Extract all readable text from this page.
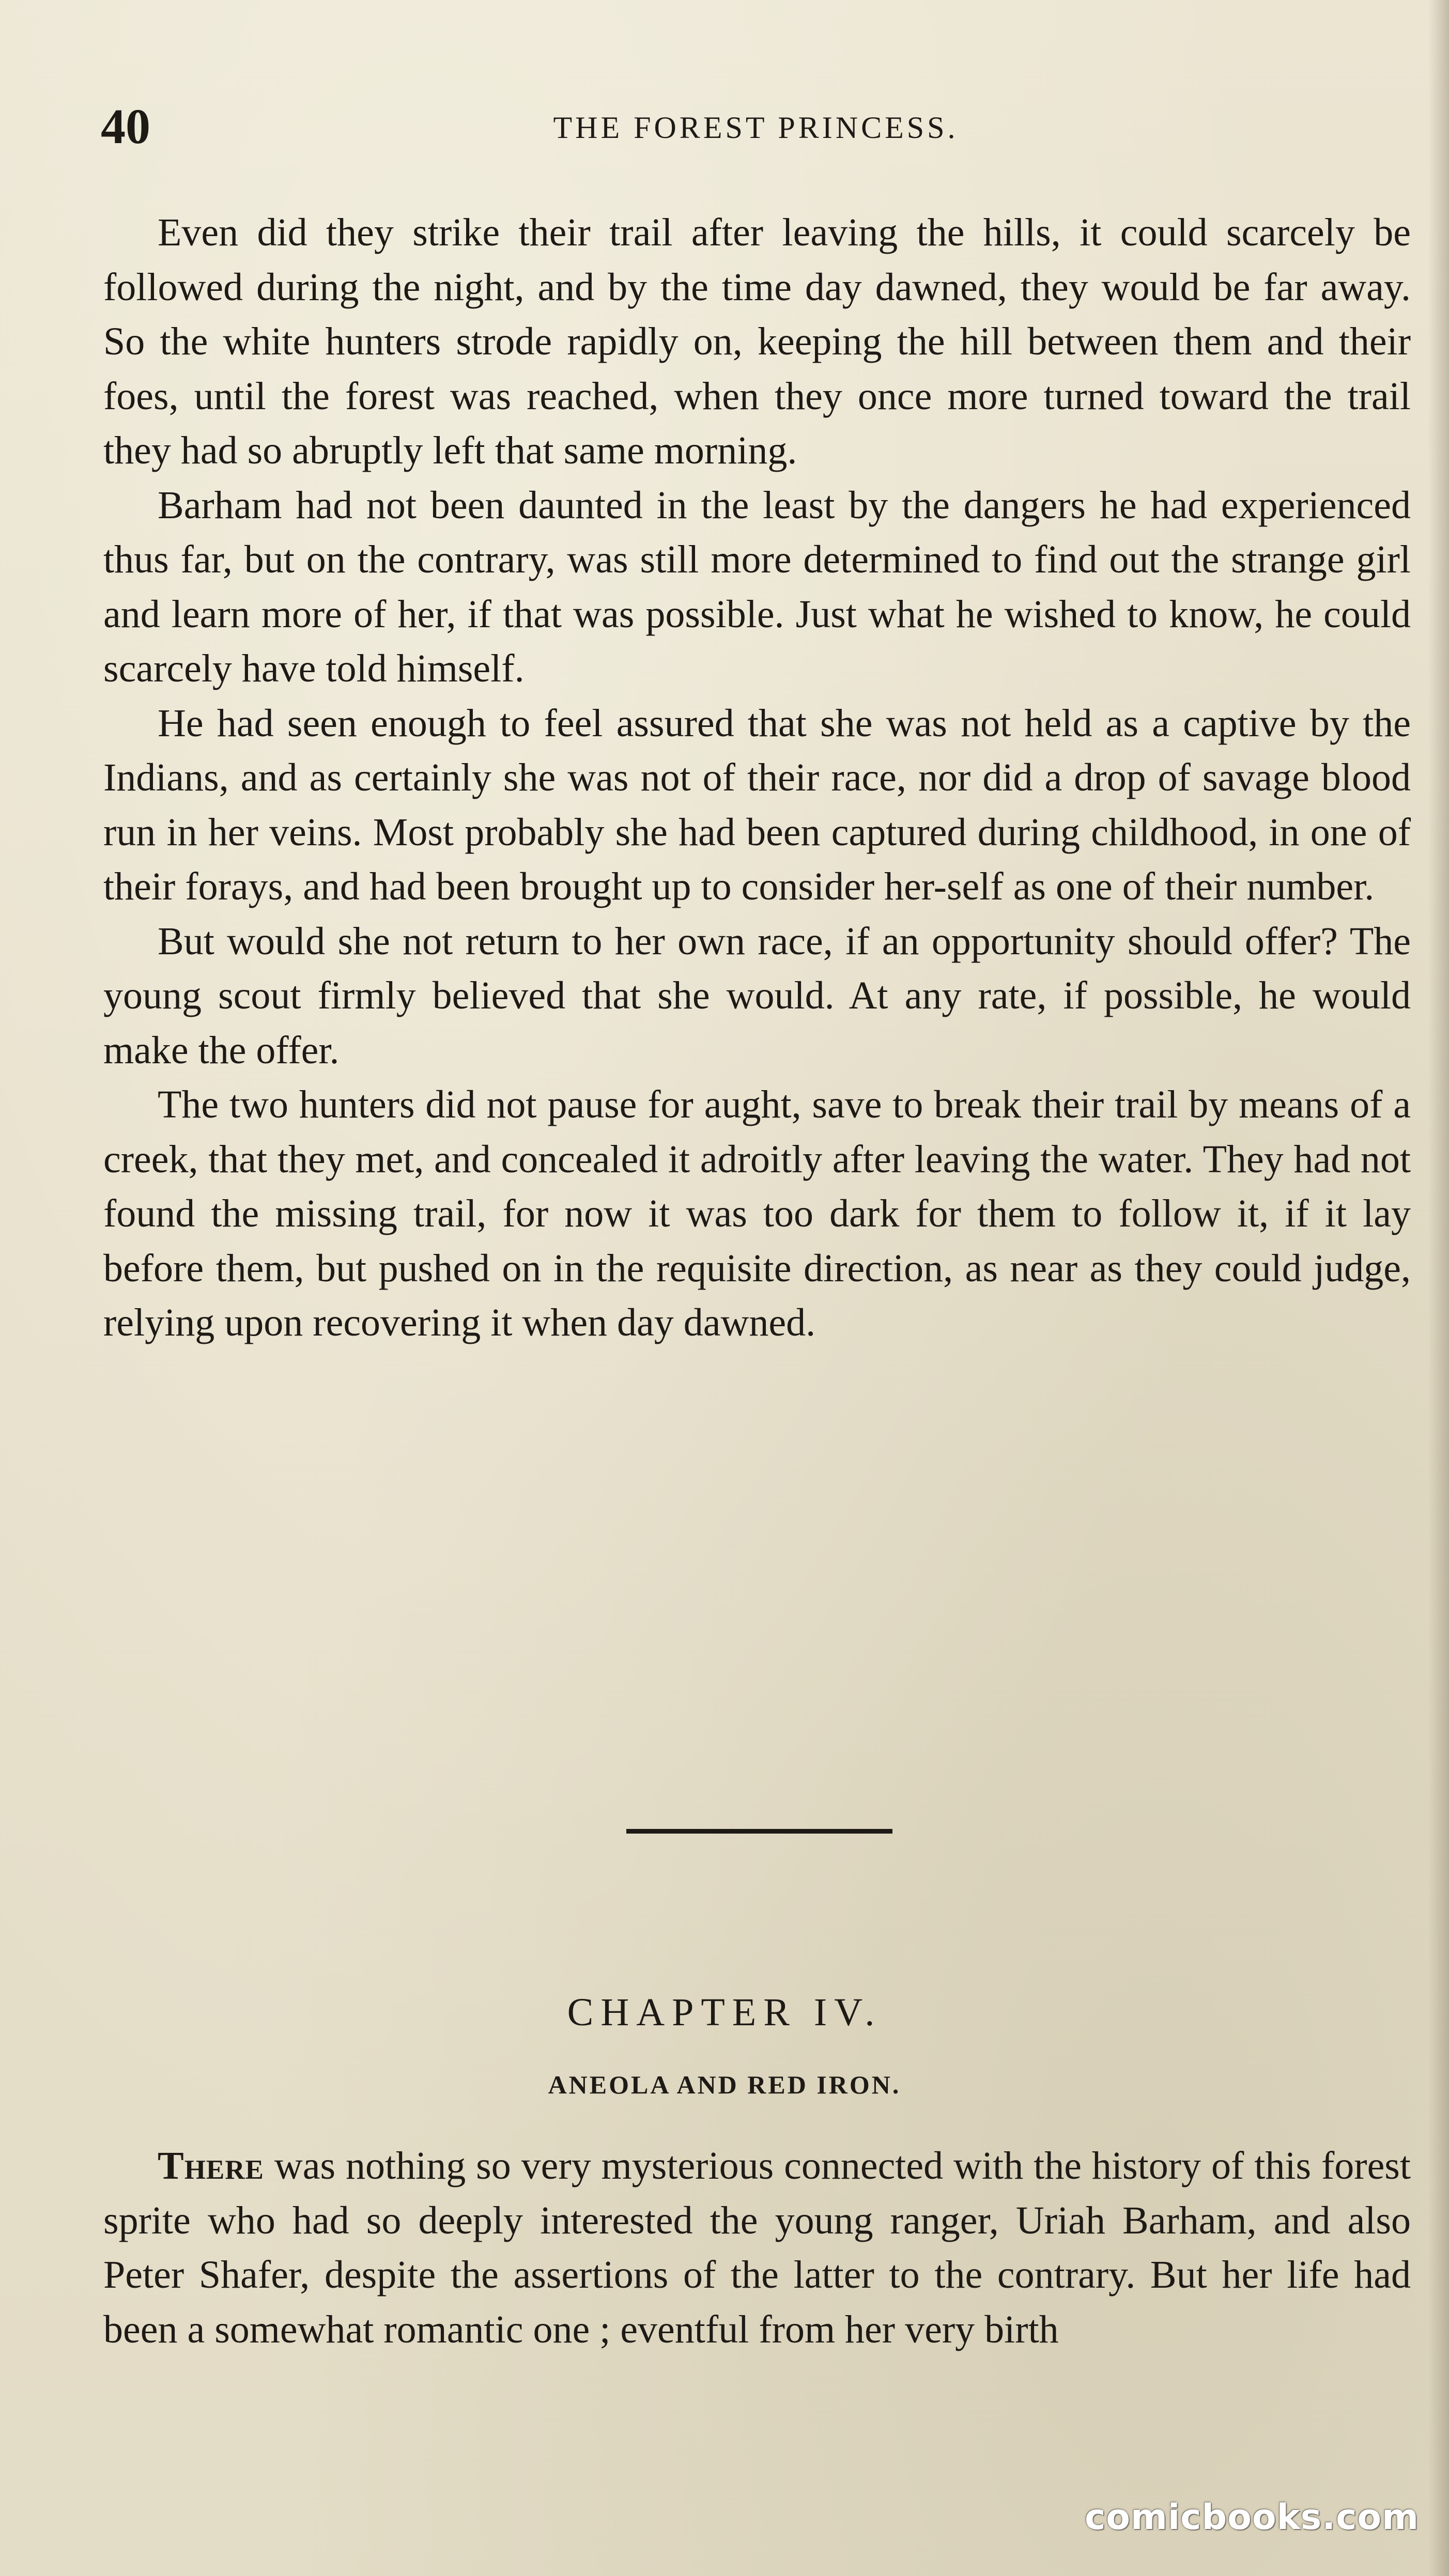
40	THE FOREST PRINCESS.

Even did they strike their trail after leaving the hills, it could scarcely be followed during the night, and by the time day dawned, they would be far away. So the white hunters strode rapidly on, keeping the hill between them and their foes, until the forest was reached, when they once more turned toward the trail they had so abruptly left that same morning.

Barham had not been daunted in the least by the dangers he had experienced thus far, but on the contrary, was still more determined to find out the strange girl and learn more of her, if that was possible. Just what he wished to know, he could scarcely have told himself.

He had seen enough to feel assured that she was not held as a captive by the Indians, and as certainly she was not of their race, nor did a drop of savage blood run in her veins. Most probably she had been captured during childhood, in one of their forays, and had been brought up to consider her-self as one of their number.

But would she not return to her own race, if an opportunity should offer? The young scout firmly believed that she would. At any rate, if possible, he would make the offer.

The two hunters did not pause for aught, save to break their trail by means of a creek, that they met, and concealed it adroitly after leaving the water. They had not found the missing trail, for now it was too dark for them to follow it, if it lay before them, but pushed on in the requisite direction, as near as they could judge, relying upon recovering it when day dawned.

CHAPTER IV.
ANEOLA AND RED IRON.

There was nothing so very mysterious connected with the history of this forest sprite who had so deeply interested the young ranger, Uriah Barham, and also Peter Shafer, despite the assertions of the latter to the contrary. But her life had been a somewhat romantic one ; eventful from her very birth

comicbooks.com
